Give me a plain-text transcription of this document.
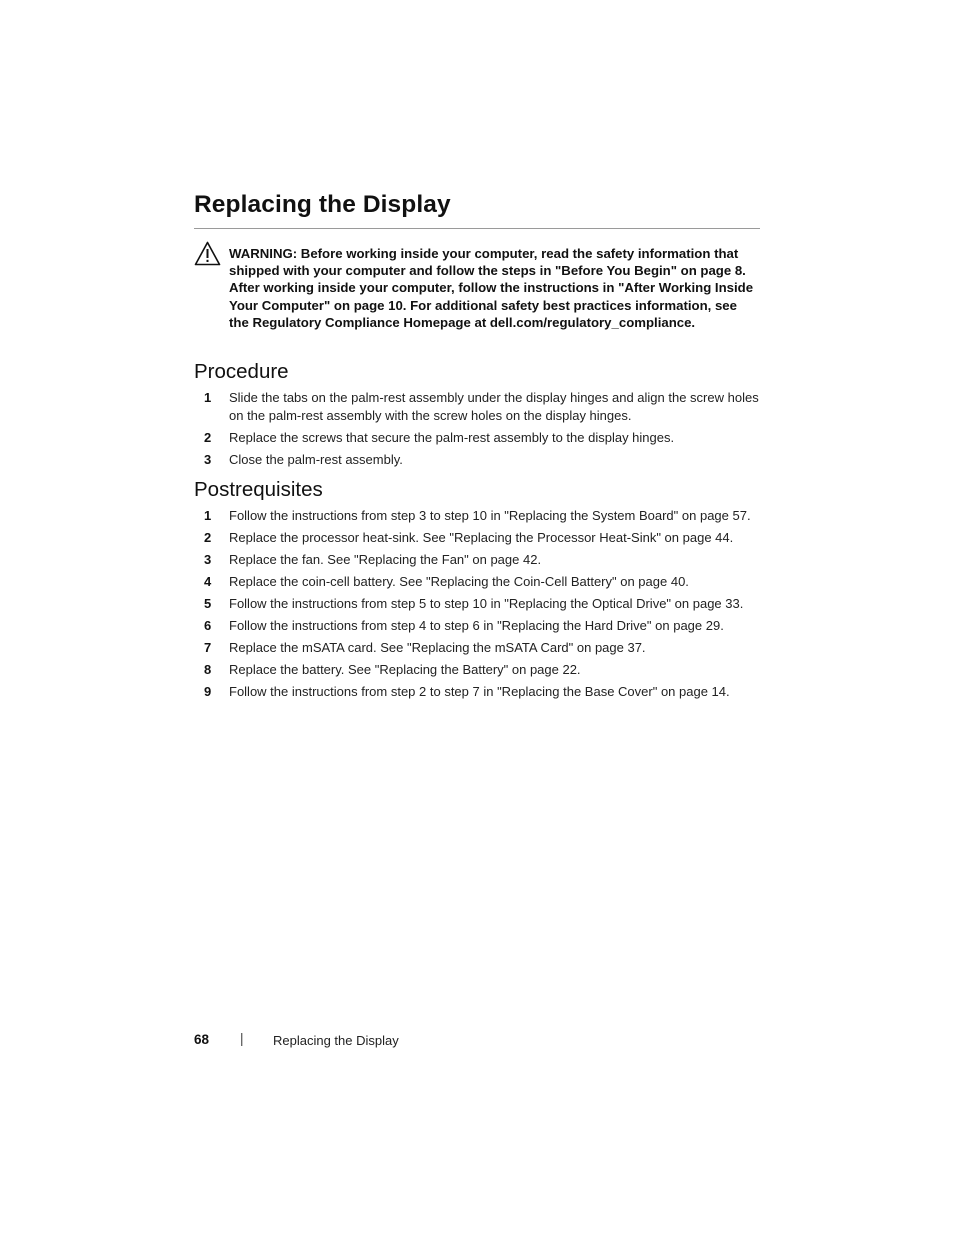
Replacing the Display

WARNING: Before working inside your computer, read the safety information that shipped with your computer and follow the steps in "Before You Begin" on page 8. After working inside your computer, follow the instructions in "After Working Inside Your Computer" on page 10. For additional safety best practices information, see the Regulatory Compliance Homepage at dell.com/regulatory_compliance.

Procedure
1 Slide the tabs on the palm-rest assembly under the display hinges and align the screw holes on the palm-rest assembly with the screw holes on the display hinges.
2 Replace the screws that secure the palm-rest assembly to the display hinges.
3 Close the palm-rest assembly.
Postrequisites
1 Follow the instructions from step 3 to step 10 in "Replacing the System Board" on page 57.
2 Replace the processor heat-sink. See "Replacing the Processor Heat-Sink" on page 44.
3 Replace the fan. See "Replacing the Fan" on page 42.
4 Replace the coin-cell battery. See "Replacing the Coin-Cell Battery" on page 40.
5 Follow the instructions from step 5 to step 10 in "Replacing the Optical Drive" on page 33.
6 Follow the instructions from step 4 to step 6 in "Replacing the Hard Drive" on page 29.
7 Replace the mSATA card. See "Replacing the mSATA Card" on page 37.
8 Replace the battery. See "Replacing the Battery" on page 22.
9 Follow the instructions from step 2 to step 7 in "Replacing the Base Cover" on page 14.
68 | Replacing the Display
